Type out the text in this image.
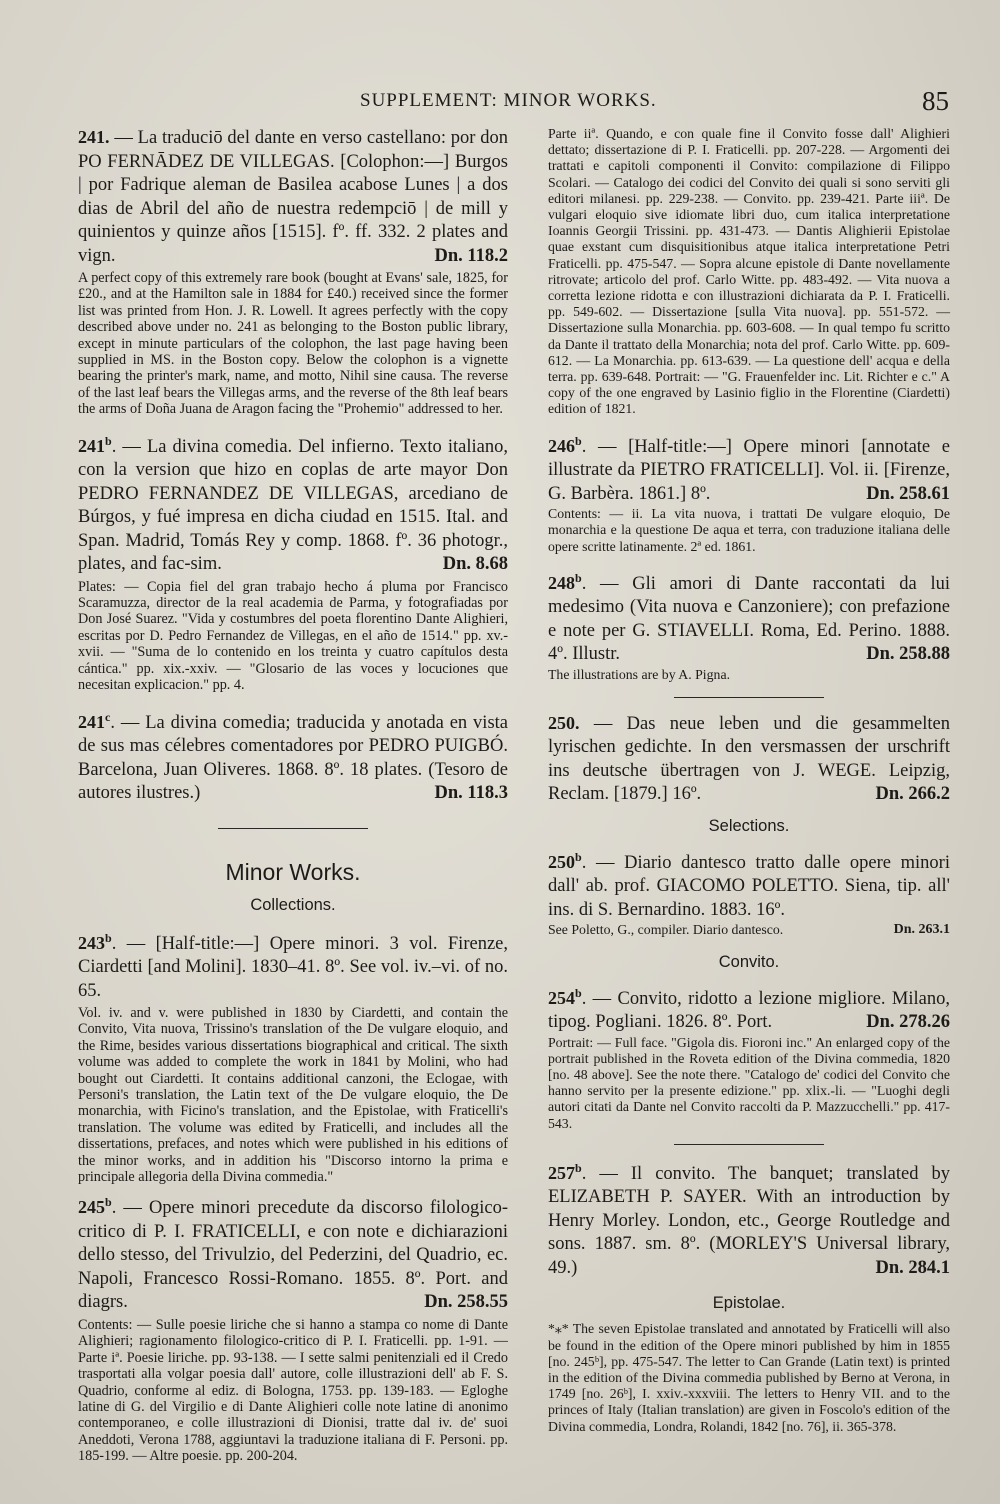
SUPPLEMENT: MINOR WORKS.	85

241. — La traduciō del dante en verso castellano: por don PO FERNĀDEZ DE VILLEGAS. [Colophon:—] Burgos | por Fadrique aleman de Basilea acabose Lunes | a dos dias de Abril del año de nuestra redempciō | de mill y quinientos y quinze años [1515]. fº. ff. 332. 2 plates and vign.	Dn. 118.2

A perfect copy of this extremely rare book (bought at Evans' sale, 1825, for £20., and at the Hamilton sale in 1884 for £40.) received since the former list was printed from Hon. J. R. Lowell. It agrees perfectly with the copy described above under no. 241 as belonging to the Boston public library, except in minute particulars of the colophon, the last page having been supplied in MS. in the Boston copy. Below the colophon is a vignette bearing the printer's mark, name, and motto, Nihil sine causa. The reverse of the last leaf bears the Villegas arms, and the reverse of the 8th leaf bears the arms of Doña Juana de Aragon facing the "Prohemio" addressed to her.

241$^b$. — La divina comedia. Del infierno. Texto italiano, con la version que hizo en coplas de arte mayor Don PEDRO FERNANDEZ DE VILLEGAS, arcediano de Búrgos, y fué impresa en dicha ciudad en 1515. Ital. and Span. Madrid, Tomás Rey y comp. 1868. fº. 36 photogr., plates, and fac-sim.	Dn. 8.68

Plates: — Copia fiel del gran trabajo hecho á pluma por Francisco Scaramuzza, director de la real academia de Parma, y fotografiadas por Don José Suarez. "Vida y costumbres del poeta florentino Dante Alighieri, escritas por D. Pedro Fernandez de Villegas, en el año de 1514." pp. xv.-xvii. — "Suma de lo contenido en los treinta y cuatro capítulos desta cántica." pp. xix.-xxiv. — "Glosario de las voces y locuciones que necesitan explicacion." pp. 4.

241$^c$. — La divina comedia; traducida y anotada en vista de sus mas célebres comentadores por PEDRO PUIGBÓ. Barcelona, Juan Oliveres. 1868. 8º. 18 plates. (Tesoro de autores ilustres.)	Dn. 118.3

Minor Works.

Collections.

243$^b$. — [Half-title:—] Opere minori. 3 vol. Firenze, Ciardetti [and Molini]. 1830–41. 8º. See vol. iv.–vi. of no. 65.

Vol. iv. and v. were published in 1830 by Ciardetti, and contain the Convito, Vita nuova, Trissino's translation of the De vulgare eloquio, and the Rime, besides various dissertations biographical and critical. The sixth volume was added to complete the work in 1841 by Molini, who had bought out Ciardetti. It contains additional canzoni, the Eclogae, with Personi's translation, the Latin text of the De vulgare eloquio, the De monarchia, with Ficino's translation, and the Epistolae, with Fraticelli's translation. The volume was edited by Fraticelli, and includes all the dissertations, prefaces, and notes which were published in his editions of the minor works, and in addition his "Discorso intorno la prima e principale allegoria della Divina commedia."

245$^b$. — Opere minori precedute da discorso filologico-critico di P. I. FRATICELLI, e con note e dichiarazioni dello stesso, del Trivulzio, del Pederzini, del Quadrio, ec. Napoli, Francesco Rossi-Romano. 1855. 8º. Port. and diagrs.	Dn. 258.55

Contents: — Sulle poesie liriche che si hanno a stampa co nome di Dante Alighieri; ragionamento filologico-critico di P. I. Fraticelli. pp. 1-91. — Parte iª. Poesie liriche. pp. 93-138. — I sette salmi penitenziali ed il Credo trasportati alla volgar poesia dall' autore, colle illustrazioni dell' ab F. S. Quadrio, conforme al ediz. di Bologna, 1753. pp. 139-183. — Egloghe latine di G. del Virgilio e di Dante Alighieri colle note latine di anonimo contemporaneo, e colle illustrazioni di Dionisi, tratte dal iv. de' suoi Aneddoti, Verona 1788, aggiuntavi la traduzione italiana di F. Personi. pp. 185-199. — Altre poesie. pp. 200-204.

Parte iiª. Quando, e con quale fine il Convito fosse dall' Alighieri dettato; dissertazione di P. I. Fraticelli. pp. 207-228. — Argomenti dei trattati e capitoli componenti il Convito: compilazione di Filippo Scolari. — Catalogo dei codici del Convito dei quali si sono serviti gli editori milanesi. pp. 229-238. — Convito. pp. 239-421. Parte iiiª. De vulgari eloquio sive idiomate libri duo, cum italica interpretatione Ioannis Georgii Trissini. pp. 431-473. — Dantis Alighierii Epistolae quae exstant cum disquisitionibus atque italica interpretatione Petri Fraticelli. pp. 475-547. — Sopra alcune epistole di Dante novellamente ritrovate; articolo del prof. Carlo Witte. pp. 483-492. — Vita nuova a corretta lezione ridotta e con illustrazioni dichiarata da P. I. Fraticelli. pp. 549-602. — Dissertazione [sulla Vita nuova]. pp. 551-572. — Dissertazione sulla Monarchia. pp. 603-608. — In qual tempo fu scritto da Dante il trattato della Monarchia; nota del prof. Carlo Witte. pp. 609-612. — La Monarchia. pp. 613-639. — La questione dell' acqua e della terra. pp. 639-648. Portrait: — "G. Frauenfelder inc. Lit. Richter e c." A copy of the one engraved by Lasinio figlio in the Florentine (Ciardetti) edition of 1821.

246$^b$. — [Half-title:—] Opere minori [annotate e illustrate da PIETRO FRATICELLI]. Vol. ii. [Firenze, G. Barbèra. 1861.] 8º.	Dn. 258.61

Contents: — ii. La vita nuova, i trattati De vulgare eloquio, De monarchia e la questione De aqua et terra, con traduzione italiana delle opere scritte latinamente. 2ª ed. 1861.

248$^b$. — Gli amori di Dante raccontati da lui medesimo (Vita nuova e Canzoniere); con prefazione e note per G. STIAVELLI. Roma, Ed. Perino. 1888. 4º. Illustr.	Dn. 258.88

The illustrations are by A. Pigna.

250. — Das neue leben und die gesammelten lyrischen gedichte. In den versmassen der urschrift ins deutsche übertragen von J. WEGE. Leipzig, Reclam. [1879.] 16º.	Dn. 266.2

Selections.

250$^b$. — Diario dantesco tratto dalle opere minori dall' ab. prof. GIACOMO POLETTO. Siena, tip. all' ins. di S. Bernardino. 1883. 16º.

See Poletto, G., compiler. Diario dantesco.	Dn. 263.1

Convito.

254$^b$. — Convito, ridotto a lezione migliore. Milano, tipog. Pogliani. 1826. 8º. Port.	Dn. 278.26

Portrait: — Full face. "Gigola dis. Fioroni inc." An enlarged copy of the portrait published in the Roveta edition of the Divina commedia, 1820 [no. 48 above]. See the note there. "Catalogo de' codici del Convito che hanno servito per la presente edizione." pp. xlix.-li. — "Luoghi degli autori citati da Dante nel Convito raccolti da P. Mazzucchelli." pp. 417-543.

257$^b$. — Il convito. The banquet; translated by ELIZABETH P. SAYER. With an introduction by Henry Morley. London, etc., George Routledge and sons. 1887. sm. 8º. (MORLEY'S Universal library, 49.)	Dn. 284.1

Epistolae.

*⁎* The seven Epistolae translated and annotated by Fraticelli will also be found in the edition of the Opere minori published by him in 1855 [no. 245ᵇ], pp. 475-547. The letter to Can Grande (Latin text) is printed in the edition of the Divina commedia published by Berno at Verona, in 1749 [no. 26ᵇ], I. xxiv.-xxxviii. The letters to Henry VII. and to the princes of Italy (Italian translation) are given in Foscolo's edition of the Divina commedia, Londra, Rolandi, 1842 [no. 76], ii. 365-378.
